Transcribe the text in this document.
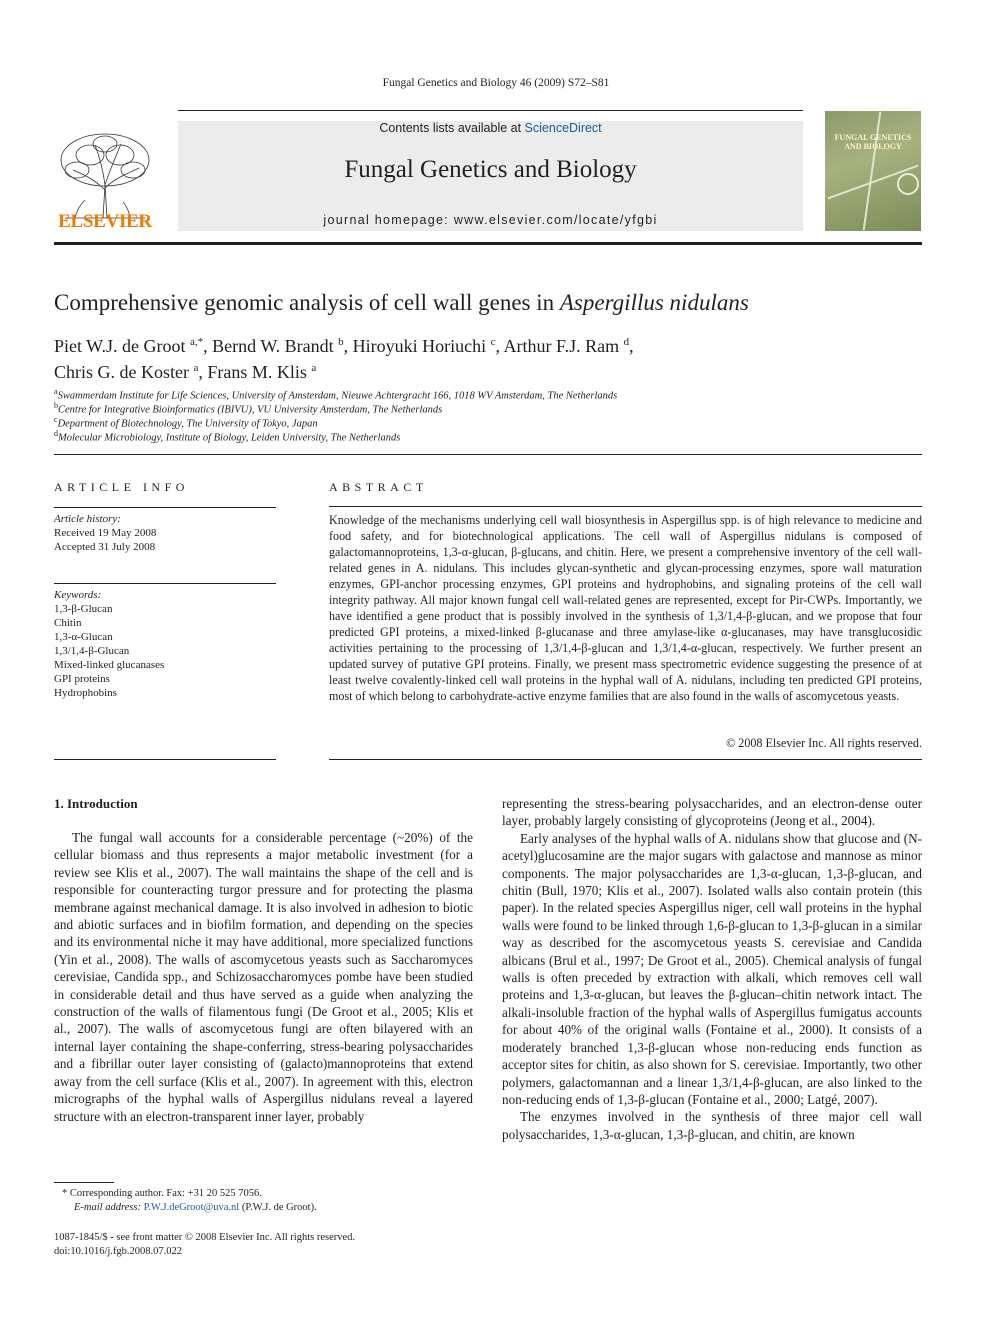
Fungal Genetics and Biology 46 (2009) S72–S81
ELSEVIER
Contents lists available at ScienceDirect
Fungal Genetics and Biology
journal homepage: www.elsevier.com/locate/yfgbi
FUNGAL GENETICS AND BIOLOGY
Comprehensive genomic analysis of cell wall genes in Aspergillus nidulans
Piet W.J. de Groot $^{a,*}$, Bernd W. Brandt $^b$, Hiroyuki Horiuchi $^c$, Arthur F.J. Ram $^d$,
Chris G. de Koster $^a$, Frans M. Klis $^a$
$^a$Swammerdam Institute for Life Sciences, University of Amsterdam, Nieuwe Achtergracht 166, 1018 WV Amsterdam, The Netherlands
$^b$Centre for Integrative Bioinformatics (IBIVU), VU University Amsterdam, The Netherlands
$^c$Department of Biotechnology, The University of Tokyo, Japan
$^d$Molecular Microbiology, Institute of Biology, Leiden University, The Netherlands
ARTICLE INFO
Article history:
Received 19 May 2008
Accepted 31 July 2008
Keywords:
1,3-β-Glucan
Chitin
1,3-α-Glucan
1,3/1,4-β-Glucan
Mixed-linked glucanases
GPI proteins
Hydrophobins
ABSTRACT
Knowledge of the mechanisms underlying cell wall biosynthesis in Aspergillus spp. is of high relevance to medicine and food safety, and for biotechnological applications. The cell wall of Aspergillus nidulans is composed of galactomannoproteins, 1,3-α-glucan, β-glucans, and chitin. Here, we present a comprehensive inventory of the cell wall-related genes in A. nidulans. This includes glycan-synthetic and glycan-processing enzymes, spore wall maturation enzymes, GPI-anchor processing enzymes, GPI proteins and hydrophobins, and signaling proteins of the cell wall integrity pathway. All major known fungal cell wall-related genes are represented, except for Pir-CWPs. Importantly, we have identified a gene product that is possibly involved in the synthesis of 1,3/1,4-β-glucan, and we propose that four predicted GPI proteins, a mixed-linked β-glucanase and three amylase-like α-glucanases, may have transglucosidic activities pertaining to the processing of 1,3/1,4-β-glucan and 1,3/1,4-α-glucan, respectively. We further present an updated survey of putative GPI proteins. Finally, we present mass spectrometric evidence suggesting the presence of at least twelve covalently-linked cell wall proteins in the hyphal wall of A. nidulans, including ten predicted GPI proteins, most of which belong to carbohydrate-active enzyme families that are also found in the walls of ascomycetous yeasts.
© 2008 Elsevier Inc. All rights reserved.
1. Introduction
The fungal wall accounts for a considerable percentage (~20%) of the cellular biomass and thus represents a major metabolic investment (for a review see Klis et al., 2007). The wall maintains the shape of the cell and is responsible for counteracting turgor pressure and for protecting the plasma membrane against mechanical damage. It is also involved in adhesion to biotic and abiotic surfaces and in biofilm formation, and depending on the species and its environmental niche it may have additional, more specialized functions (Yin et al., 2008). The walls of ascomycetous yeasts such as Saccharomyces cerevisiae, Candida spp., and Schizosaccharomyces pombe have been studied in considerable detail and thus have served as a guide when analyzing the construction of the walls of filamentous fungi (De Groot et al., 2005; Klis et al., 2007). The walls of ascomycetous fungi are often bilayered with an internal layer containing the shape-conferring, stress-bearing polysaccharides and a fibrillar outer layer consisting of (galacto)mannoproteins that extend away from the cell surface (Klis et al., 2007). In agreement with this, electron micrographs of the hyphal walls of Aspergillus nidulans reveal a layered structure with an electron-transparent inner layer, probably

representing the stress-bearing polysaccharides, and an electron-dense outer layer, probably largely consisting of glycoproteins (Jeong et al., 2004).

Early analyses of the hyphal walls of A. nidulans show that glucose and (N-acetyl)glucosamine are the major sugars with galactose and mannose as minor components. The major polysaccharides are 1,3-α-glucan, 1,3-β-glucan, and chitin (Bull, 1970; Klis et al., 2007). Isolated walls also contain protein (this paper). In the related species Aspergillus niger, cell wall proteins in the hyphal walls were found to be linked through 1,6-β-glucan to 1,3-β-glucan in a similar way as described for the ascomycetous yeasts S. cerevisiae and Candida albicans (Brul et al., 1997; De Groot et al., 2005). Chemical analysis of fungal walls is often preceded by extraction with alkali, which removes cell wall proteins and 1,3-α-glucan, but leaves the β-glucan–chitin network intact. The alkali-insoluble fraction of the hyphal walls of Aspergillus fumigatus accounts for about 40% of the original walls (Fontaine et al., 2000). It consists of a moderately branched 1,3-β-glucan whose non-reducing ends function as acceptor sites for chitin, as also shown for S. cerevisiae. Importantly, two other polymers, galactomannan and a linear 1,3/1,4-β-glucan, are also linked to the non-reducing ends of 1,3-β-glucan (Fontaine et al., 2000; Latgé, 2007).

The enzymes involved in the synthesis of three major cell wall polysaccharides, 1,3-α-glucan, 1,3-β-glucan, and chitin, are known

* Corresponding author. Fax: +31 20 525 7056.
E-mail address: P.W.J.deGroot@uva.nl (P.W.J. de Groot).
1087-1845/$ - see front matter © 2008 Elsevier Inc. All rights reserved.
doi:10.1016/j.fgb.2008.07.022
